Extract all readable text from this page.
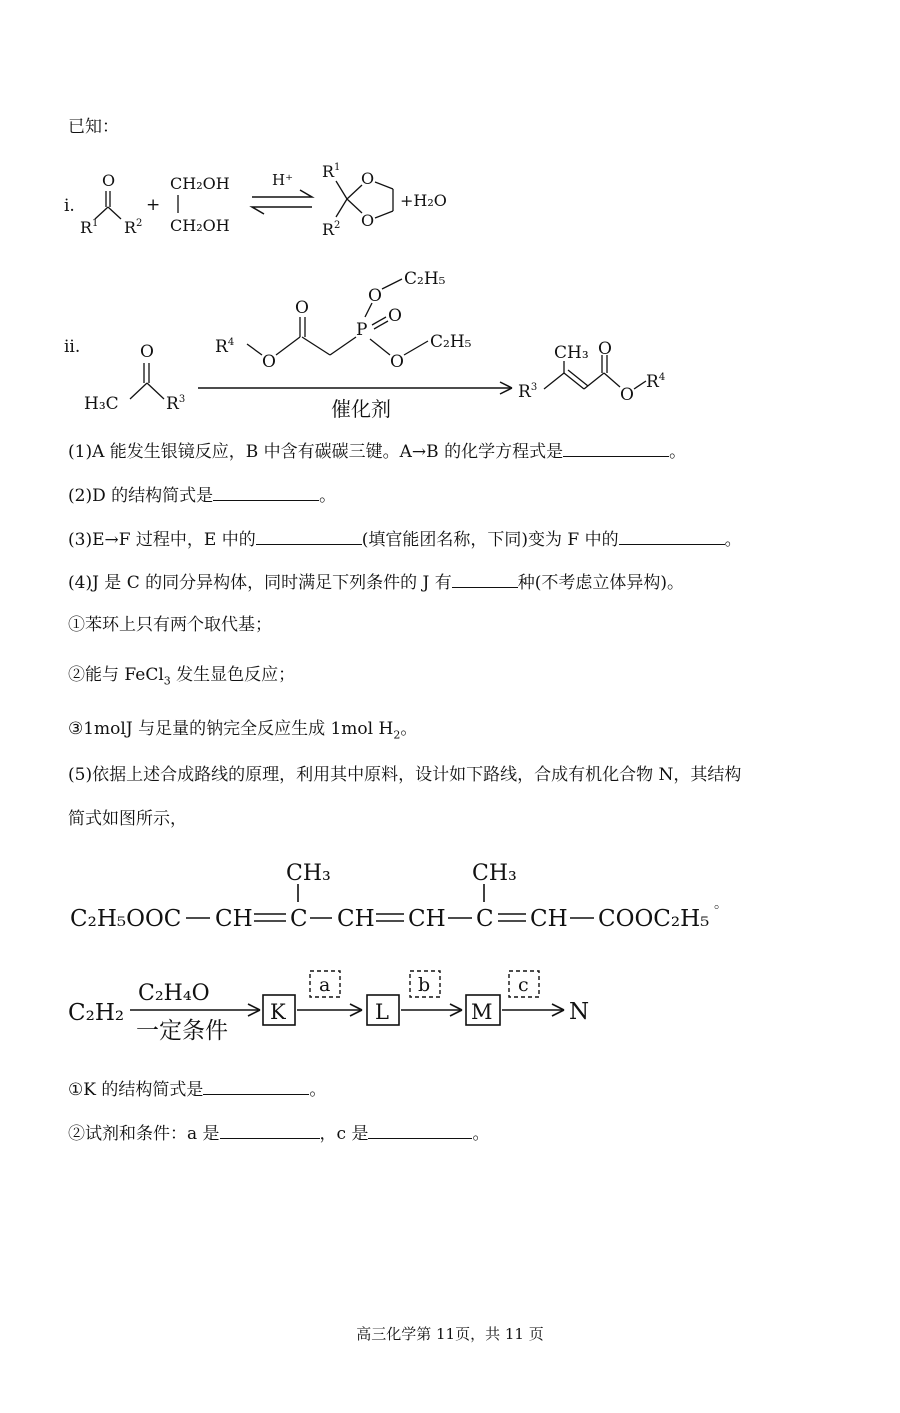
已知：
i.
O
$R^1$ $R^2$
+
CH₂OH
CH₂OH
H⁺ $R^1$
$R^2$
O
O
+H₂O
ii.	O
H₃C	$R^3$
$R^4$
O
O
P
O
O
C₂H₅
O
C₂H₅
催化剂
$R^3$
CH₃ O
O
$R^4$
(1)A 能发生银镜反应，B 中含有碳碳三键。A→B 的化学方程式是	。
(2)D 的结构简式是	。
(3)E→F 过程中，E 中的	(填官能团名称，下同)变为 F 中的	。
(4)J 是 C 的同分异构体，同时满足下列条件的 J 有	种(不考虑立体异构)。
①苯环上只有两个取代基；
②能与 FeCl$_3$ 发生显色反应；
③1molJ 与足量的钠完全反应生成 1mol $H_2$。
(5)依据上述合成路线的原理，利用其中原料，设计如下路线，合成有机化合物 N，其结构
简式如图所示，
C₂H₅OOC CH C
CH₃
CH CH C
CH₃
CH COOC₂H₅
。
C₂H₂
C₂H₄O
一定条件
K
a
L
b
M
c
N
①K 的结构简式是	。
②试剂和条件：a 是	，c 是	。
高三化学第 11页，共 11 页
